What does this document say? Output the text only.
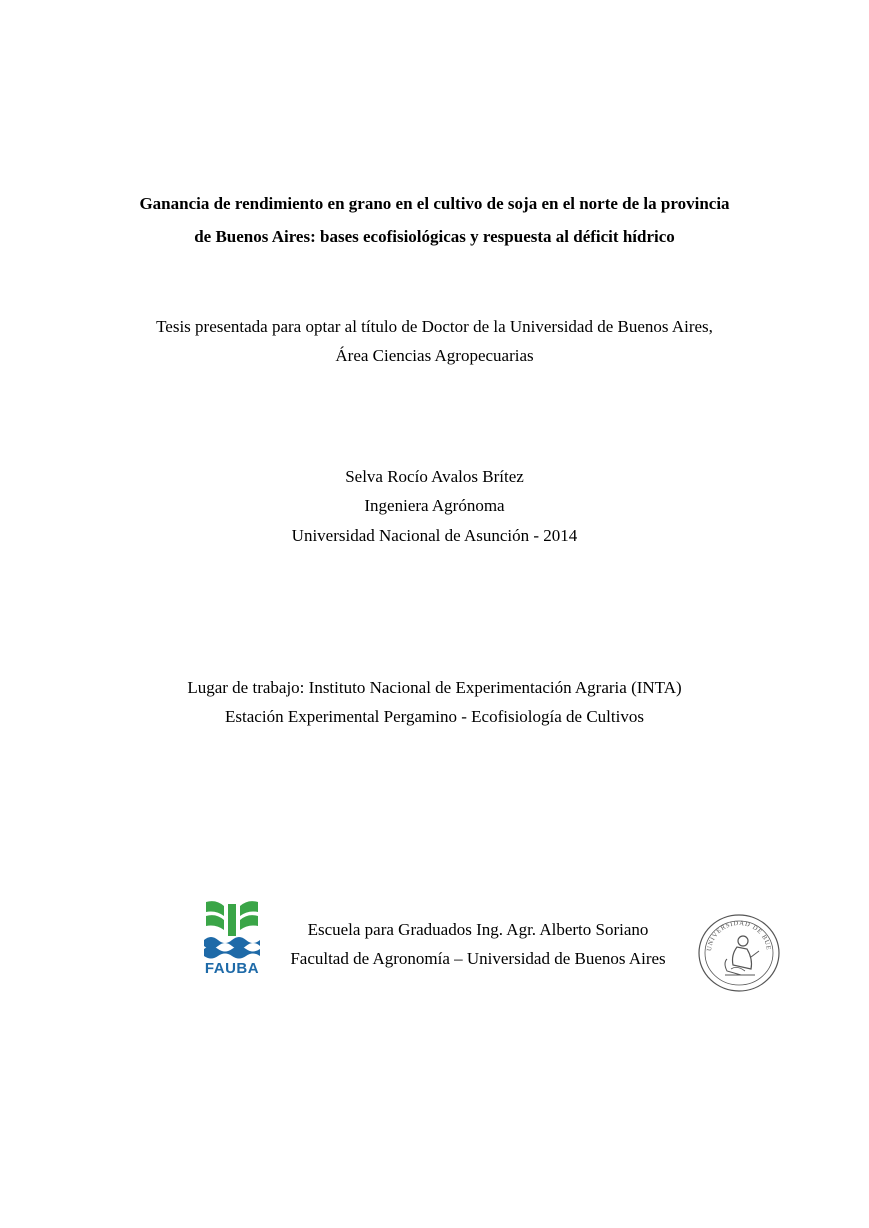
Ganancia de rendimiento en grano en el cultivo de soja en el norte de la provincia
de Buenos Aires: bases ecofisiológicas y respuesta al déficit hídrico
Tesis presentada para optar al título de Doctor de la Universidad de Buenos Aires,
Área Ciencias Agropecuarias
Selva Rocío Avalos Brítez
Ingeniera Agrónoma
Universidad Nacional de Asunción - 2014
Lugar de trabajo: Instituto Nacional de Experimentación Agraria (INTA)
Estación Experimental Pergamino - Ecofisiología de Cultivos
FAUBA
Escuela para Graduados Ing. Agr. Alberto Soriano
Facultad de Agronomía – Universidad de Buenos Aires
UNIVERSIDAD DE BUE
